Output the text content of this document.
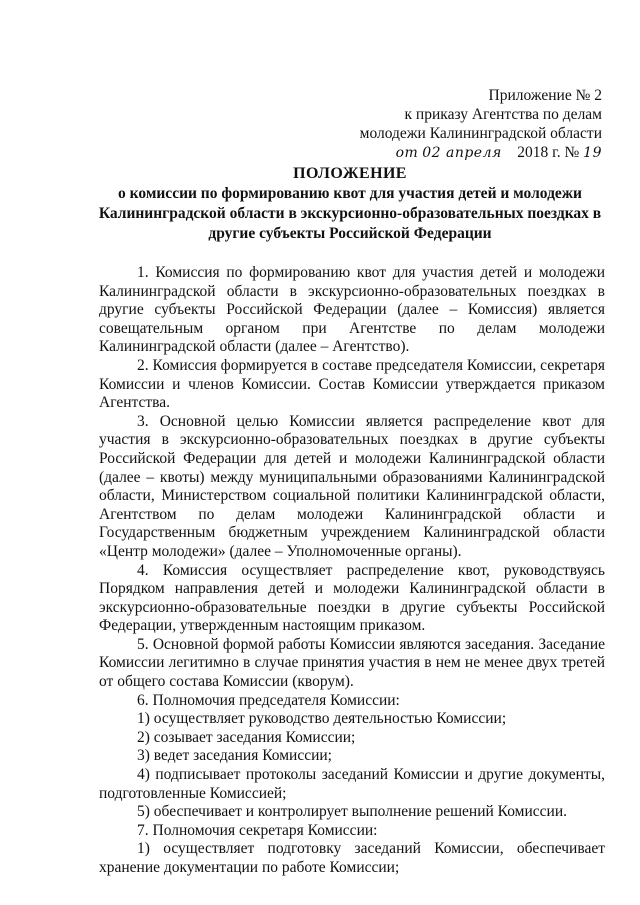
Приложение № 2
к приказу Агентства по делам
молодежи Калининградской области
от 02 апреля 2018 г. № 19
ПОЛОЖЕНИЕ
о комиссии по формированию квот для участия детей и молодежи Калининградской области в экскурсионно-образовательных поездках в другие субъекты Российской Федерации

1. Комиссия по формированию квот для участия детей и молодежи Калининградской области в экскурсионно-образовательных поездках в другие субъекты Российской Федерации (далее – Комиссия) является совещательным органом при Агентстве по делам молодежи Калининградской области (далее – Агентство).

2. Комиссия формируется в составе председателя Комиссии, секретаря Комиссии и членов Комиссии. Состав Комиссии утверждается приказом Агентства.

3. Основной целью Комиссии является распределение квот для участия в экскурсионно-образовательных поездках в другие субъекты Российской Федерации для детей и молодежи Калининградской области (далее – квоты) между муниципальными образованиями Калининградской области, Министерством социальной политики Калининградской области, Агентством по делам молодежи Калининградской области и Государственным бюджетным учреждением Калининградской области «Центр молодежи» (далее – Уполномоченные органы).

4. Комиссия осуществляет распределение квот, руководствуясь Порядком направления детей и молодежи Калининградской области в экскурсионно-образовательные поездки в другие субъекты Российской Федерации, утвержденным настоящим приказом.

5. Основной формой работы Комиссии являются заседания. Заседание Комиссии легитимно в случае принятия участия в нем не менее двух третей от общего состава Комиссии (кворум).

6. Полномочия председателя Комиссии:

1) осуществляет руководство деятельностью Комиссии;

2) созывает заседания Комиссии;

3) ведет заседания Комиссии;

4) подписывает протоколы заседаний Комиссии и другие документы, подготовленные Комиссией;

5) обеспечивает и контролирует выполнение решений Комиссии.

7. Полномочия секретаря Комиссии:

1) осуществляет подготовку заседаний Комиссии, обеспечивает хранение документации по работе Комиссии;
